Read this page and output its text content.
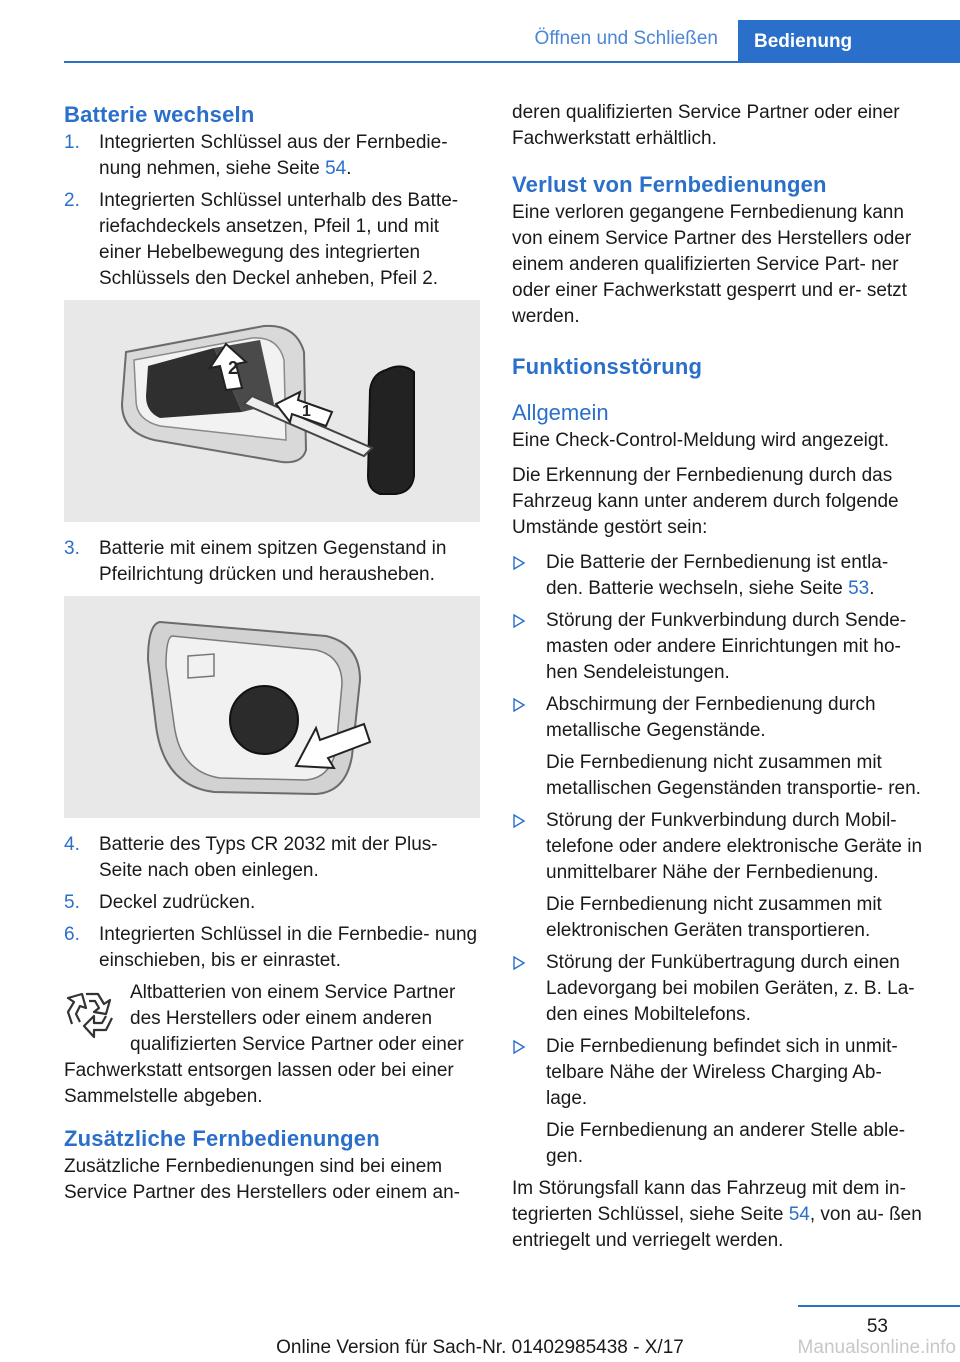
Öffnen und Schließen	Bedienung
Batterie wechseln
1. Integrierten Schlüssel aus der Fernbedie‐ nung nehmen, siehe Seite 54.
2. Integrierten Schlüssel unterhalb des Batte‐ riefachdeckels ansetzen, Pfeil 1, und mit einer Hebelbewegung des integrierten Schlüssels den Deckel anheben, Pfeil 2.
2
1
3. Batterie mit einem spitzen Gegenstand in Pfeilrichtung drücken und herausheben.
4. Batterie des Typs CR 2032 mit der Plus‐ Seite nach oben einlegen.
5. Deckel zudrücken.
6. Integrierten Schlüssel in die Fernbedie‐ nung einschieben, bis er einrastet.

Altbatterien von einem Service Partner des Herstellers oder einem anderen qualifizierten Service Partner oder einer Fachwerkstatt entsorgen lassen oder bei einer Sammelstelle abgeben.

Zusätzliche Fernbedienungen

Zusätzliche Fernbedienungen sind bei einem Service Partner des Herstellers oder einem an‐

deren qualifizierten Service Partner oder einer Fachwerkstatt erhältlich.

Verlust von Fernbedienungen

Eine verloren gegangene Fernbedienung kann von einem Service Partner des Herstellers oder einem anderen qualifizierten Service Part‐ ner oder einer Fachwerkstatt gesperrt und er‐ setzt werden.

Funktionsstörung
Allgemein

Eine Check-Control-Meldung wird angezeigt.

Die Erkennung der Fernbedienung durch das Fahrzeug kann unter anderem durch folgende Umstände gestört sein:

Die Batterie der Fernbedienung ist entla‐ den. Batterie wechseln, siehe Seite 53.
Störung der Funkverbindung durch Sende‐ masten oder andere Einrichtungen mit ho‐ hen Sendeleistungen.
Abschirmung der Fernbedienung durch metallische Gegenstände.
Die Fernbedienung nicht zusammen mit metallischen Gegenständen transportie‐ ren.
Störung der Funkverbindung durch Mobil‐ telefone oder andere elektronische Geräte in unmittelbarer Nähe der Fernbedienung.
Die Fernbedienung nicht zusammen mit elektronischen Geräten transportieren.
Störung der Funkübertragung durch einen Ladevorgang bei mobilen Geräten, z. B. La‐ den eines Mobiltelefons.
Die Fernbedienung befindet sich in unmit‐ telbare Nähe der Wireless Charging Ab‐ lage.
Die Fernbedienung an anderer Stelle able‐ gen.

Im Störungsfall kann das Fahrzeug mit dem in‐ tegrierten Schlüssel, siehe Seite 54, von au‐ ßen entriegelt und verriegelt werden.

53
Online Version für Sach-Nr. 01402985438 - X/17	Manualsonline.info
